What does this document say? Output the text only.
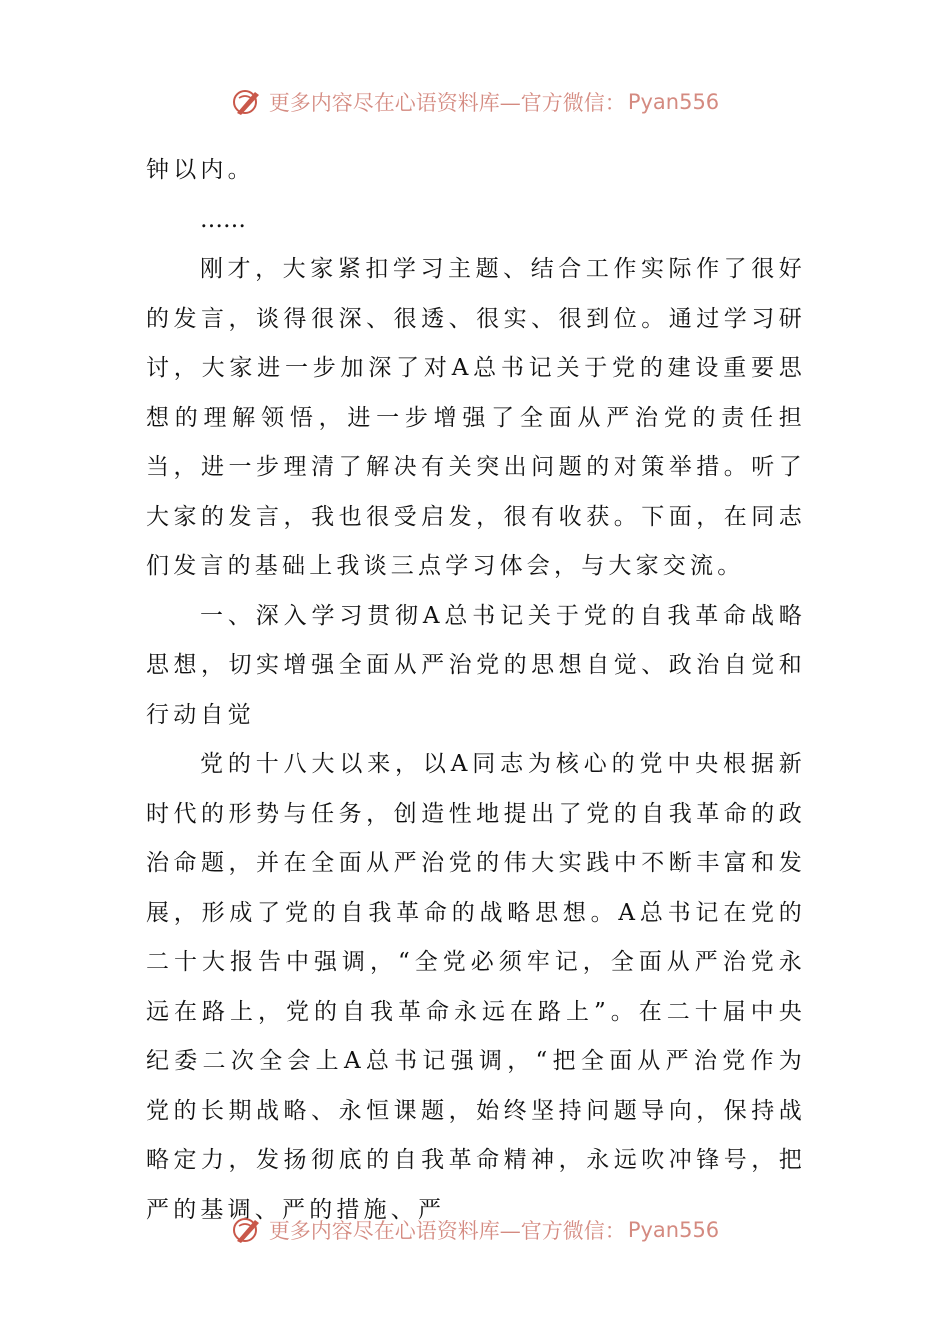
更多内容尽在心语资料库—官方微信： Pyan556

钟以内。

……

刚才，大家紧扣学习主题、结合工作实际作了很好的发言，谈得很深、很透、很实、很到位。通过学习研讨，大家进一步加深了对A总书记关于党的建设重要思想的理解领悟，进一步增强了全面从严治党的责任担当，进一步理清了解决有关突出问题的对策举措。听了大家的发言，我也很受启发，很有收获。下面，在同志们发言的基础上我谈三点学习体会，与大家交流。

一、深入学习贯彻A总书记关于党的自我革命战略思想，切实增强全面从严治党的思想自觉、政治自觉和行动自觉

党的十八大以来，以A同志为核心的党中央根据新时代的形势与任务，创造性地提出了党的自我革命的政治命题，并在全面从严治党的伟大实践中不断丰富和发展，形成了党的自我革命的战略思想。A总书记在党的二十大报告中强调，“全党必须牢记，全面从严治党永远在路上，党的自我革命永远在路上”。在二十届中央纪委二次全会上A总书记强调，“把全面从严治党作为党的长期战略、永恒课题，始终坚持问题导向，保持战略定力，发扬彻底的自我革命精神，永远吹冲锋号，把严的基调、严的措施、严

更多内容尽在心语资料库—官方微信： Pyan556
